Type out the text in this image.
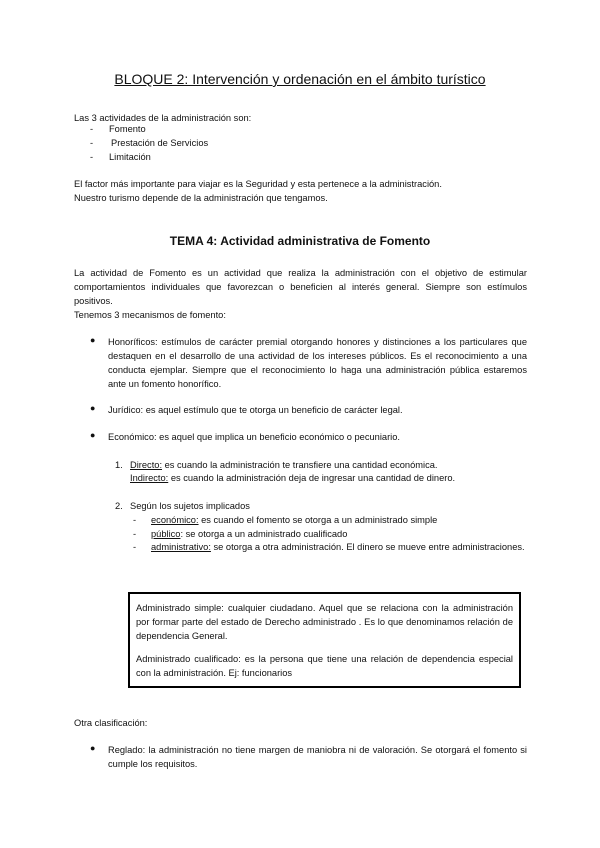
BLOQUE 2: Intervención y ordenación en el ámbito turístico
Las 3 actividades de la administración son:
- Fomento
- Prestación de Servicios
- Limitación
El factor más importante para viajar es la Seguridad y esta pertenece a la administración.
Nuestro turismo depende de la administración que tengamos.
TEMA 4: Actividad administrativa de Fomento
La actividad de Fomento es un actividad que realiza la administración con el objetivo de estimular comportamientos individuales que favorezcan o beneficien al interés general. Siempre son estímulos positivos.
Tenemos 3 mecanismos de fomento:
● Honoríficos: estímulos de carácter premial otorgando honores y distinciones a los particulares que destaquen en el desarrollo de una actividad de los intereses públicos. Es el reconocimiento a una conducta ejemplar. Siempre que el reconocimiento lo haga una administración pública estaremos ante un fomento honorífico.
● Jurídico: es aquel estímulo que te otorga un beneficio de carácter legal.
● Económico: es aquel que implica un beneficio económico o pecuniario.
1. Directo: es cuando la administración te transfiere una cantidad económica.
Indirecto: es cuando la administración deja de ingresar una cantidad de dinero.
2. Según los sujetos implicados
- económico: es cuando el fomento se otorga a un administrado simple
- público: se otorga a un administrado cualificado
- administrativo: se otorga a otra administración. El dinero se mueve entre administraciones.
Administrado simple: cualquier ciudadano. Aquel que se relaciona con la administración por formar parte del estado de Derecho administrado . Es lo que denominamos relación de dependencia General.
Administrado cualificado: es la persona que tiene una relación de dependencia especial con la administración. Ej: funcionarios
Otra clasificación:
● Reglado: la administración no tiene margen de maniobra ni de valoración. Se otorgará el fomento si cumple los requisitos.
